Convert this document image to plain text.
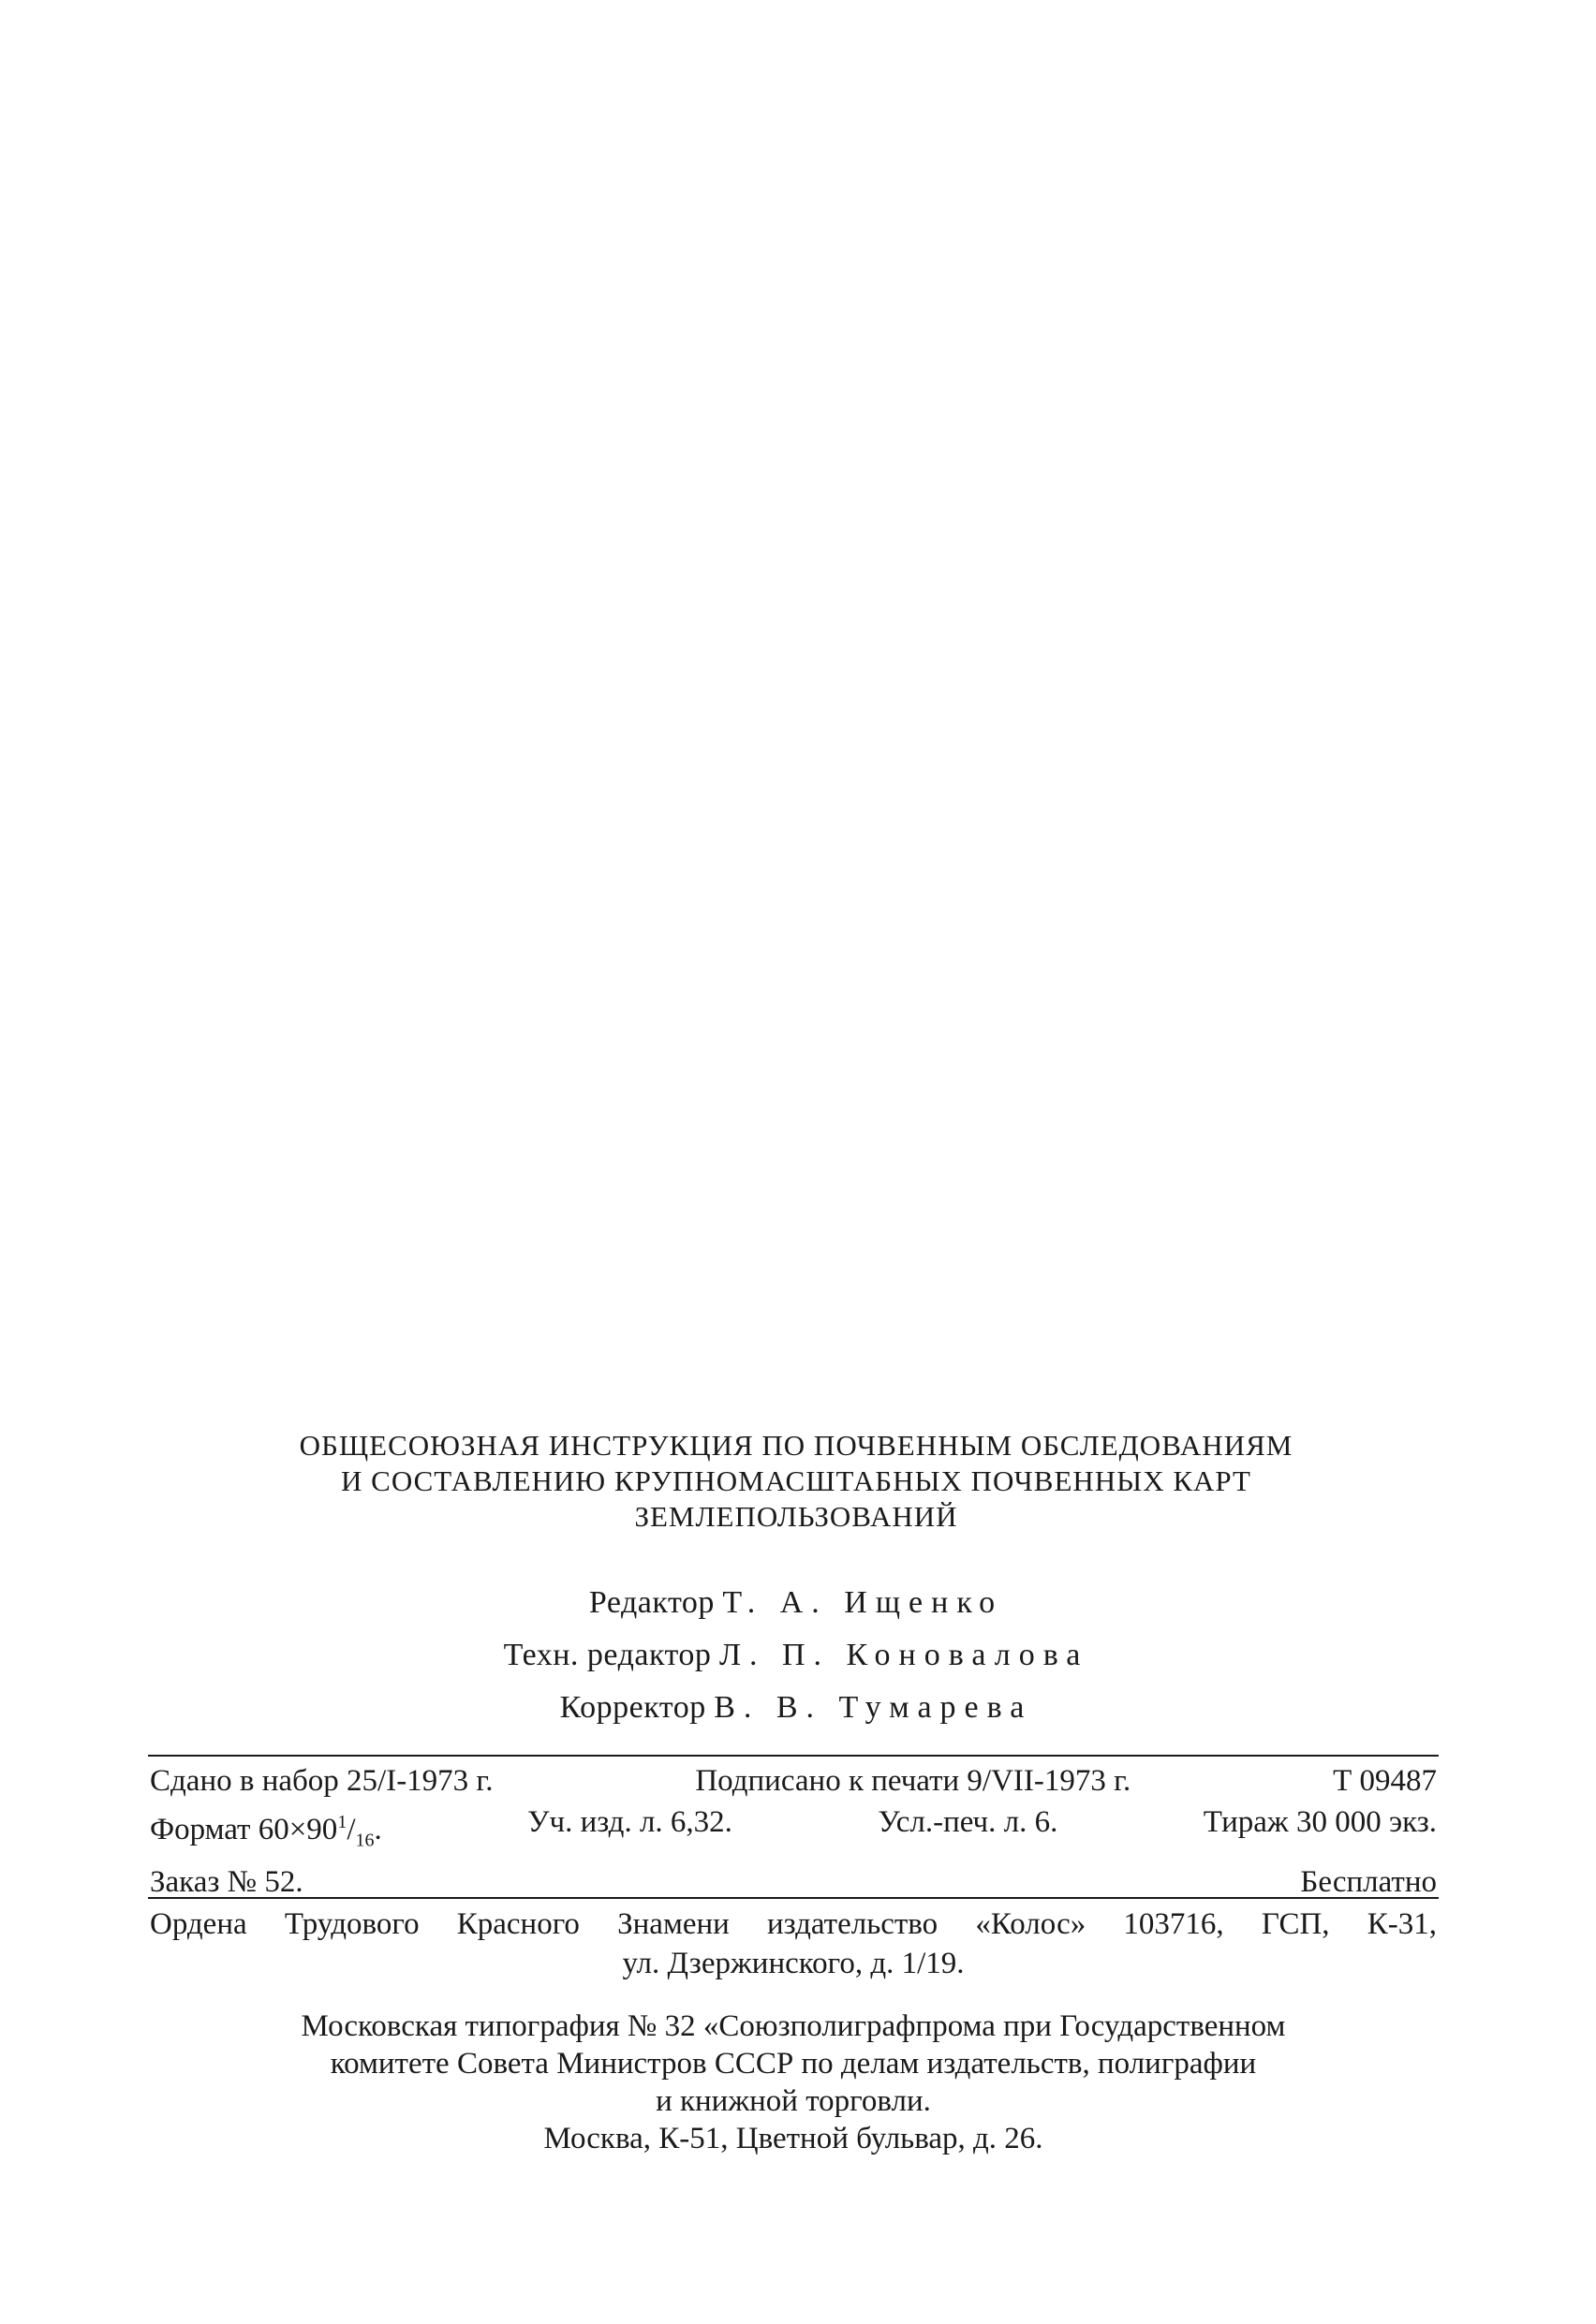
ОБЩЕСОЮЗНАЯ ИНСТРУКЦИЯ ПО ПОЧВЕННЫМ ОБСЛЕДОВАНИЯМ
И СОСТАВЛЕНИЮ КРУПНОМАСШТАБНЫХ ПОЧВЕННЫХ КАРТ
ЗЕМЛЕПОЛЬЗОВАНИЙ
Редактор Т. А. Ищенко
Техн. редактор Л. П. Коновалова
Корректор В. В. Тумарева
Сдано в набор 25/I-1973 г.	Подписано к печати 9/VII-1973 г.	Т 09487
Формат $60\times 90^1/_{16}$.	Уч. изд. л. 6,32.	Усл.-печ. л. 6.	Тираж 30 000 экз.
Заказ № 52.	Бесплатно
Ордена Трудового Красного Знамени издательство «Колос» 103716, ГСП, К-31,
ул. Дзержинского, д. 1/19.
Московская типография № 32 «Союзполиграфпрома при Государственном
комитете Совета Министров СССР по делам издательств, полиграфии
и книжной торговли.
Москва, К-51, Цветной бульвар, д. 26.
